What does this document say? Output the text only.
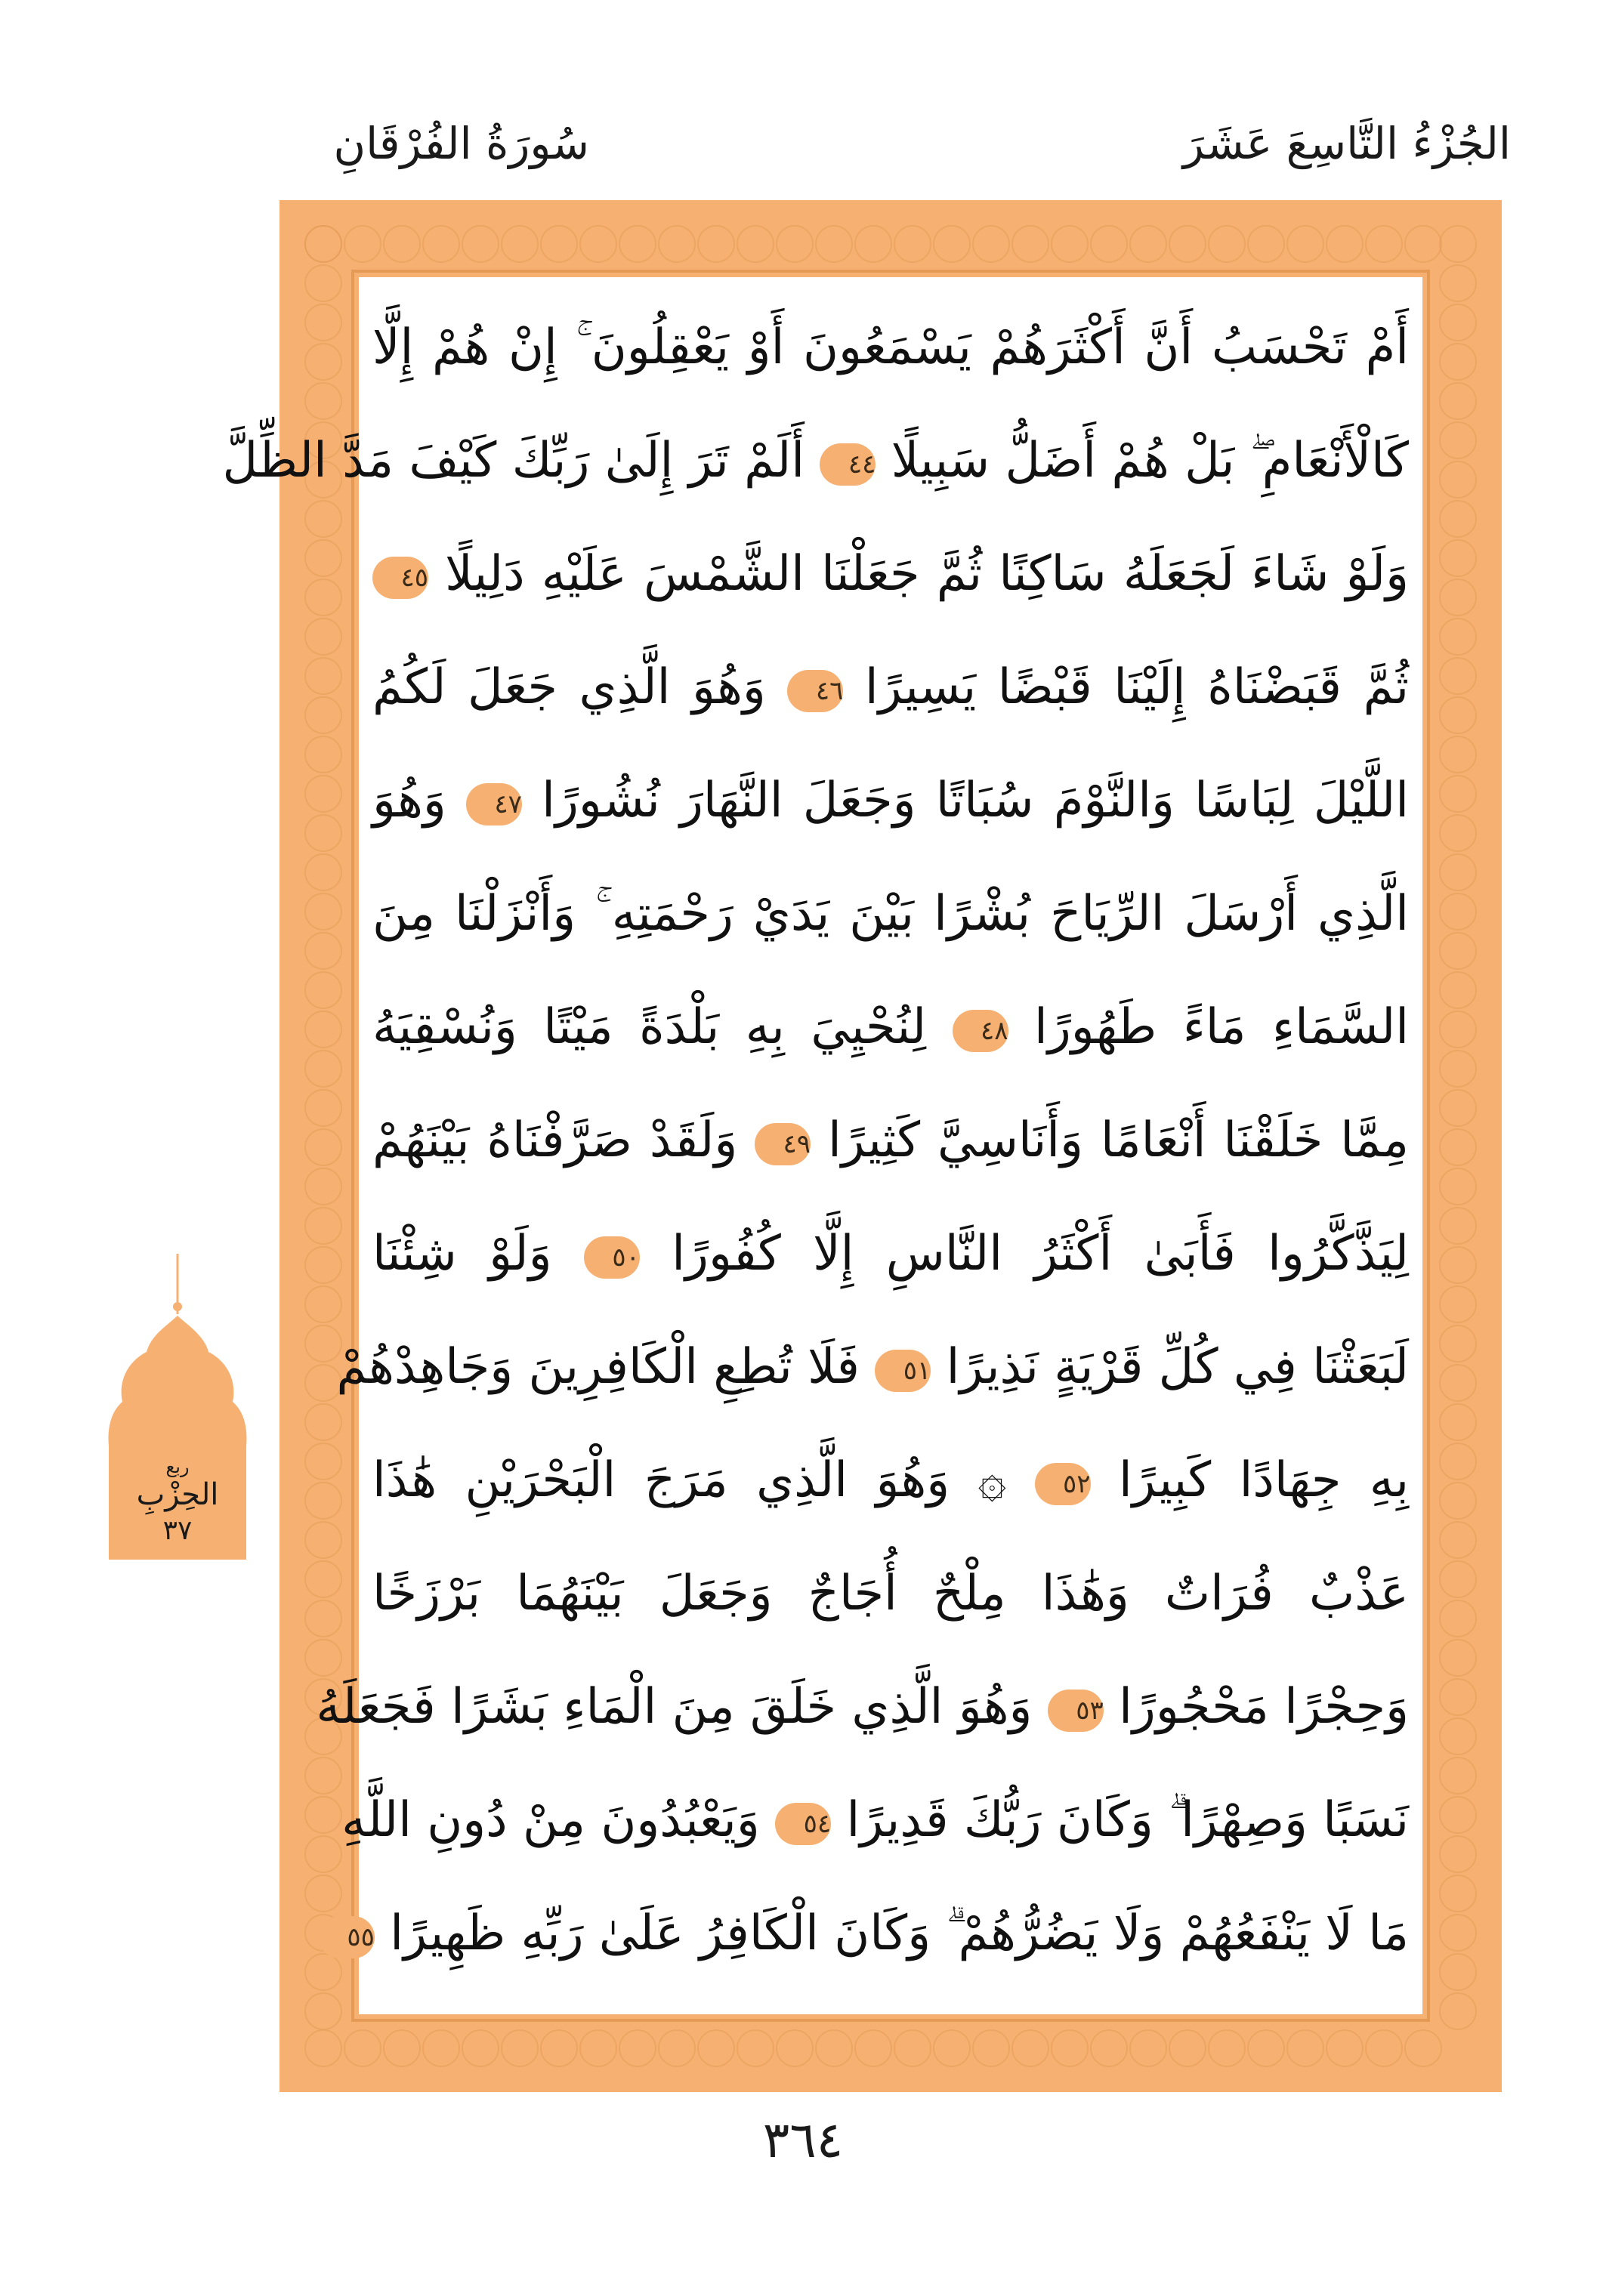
الجُزْءُ التَّاسِعَ عَشَرَ
سُورَةُ الفُرْقَانِ
أَمْ تَحْسَبُ أَنَّ أَكْثَرَهُمْ يَسْمَعُونَ أَوْ يَعْقِلُونَ ۚ إِنْ هُمْ إِلَّا
كَالْأَنْعَامِ ۖ بَلْ هُمْ أَضَلُّ سَبِيلًا ٤٤ أَلَمْ تَرَ إِلَىٰ رَبِّكَ كَيْفَ مَدَّ الظِّلَّ
وَلَوْ شَاءَ لَجَعَلَهُ سَاكِنًا ثُمَّ جَعَلْنَا الشَّمْسَ عَلَيْهِ دَلِيلًا ٤٥
ثُمَّ قَبَضْنَاهُ إِلَيْنَا قَبْضًا يَسِيرًا ٤٦ وَهُوَ الَّذِي جَعَلَ لَكُمُ
اللَّيْلَ لِبَاسًا وَالنَّوْمَ سُبَاتًا وَجَعَلَ النَّهَارَ نُشُورًا ٤٧ وَهُوَ
الَّذِي أَرْسَلَ الرِّيَاحَ بُشْرًا بَيْنَ يَدَيْ رَحْمَتِهِ ۚ وَأَنْزَلْنَا مِنَ
السَّمَاءِ مَاءً طَهُورًا ٤٨ لِنُحْيِيَ بِهِ بَلْدَةً مَيْتًا وَنُسْقِيَهُ
مِمَّا خَلَقْنَا أَنْعَامًا وَأَنَاسِيَّ كَثِيرًا ٤٩ وَلَقَدْ صَرَّفْنَاهُ بَيْنَهُمْ
لِيَذَّكَّرُوا فَأَبَىٰ أَكْثَرُ النَّاسِ إِلَّا كُفُورًا ٥٠ وَلَوْ شِئْنَا
لَبَعَثْنَا فِي كُلِّ قَرْيَةٍ نَذِيرًا ٥١ فَلَا تُطِعِ الْكَافِرِينَ وَجَاهِدْهُمْ
بِهِ جِهَادًا كَبِيرًا ٥٢ ۞ وَهُوَ الَّذِي مَرَجَ الْبَحْرَيْنِ هَٰذَا
عَذْبٌ فُرَاتٌ وَهَٰذَا مِلْحٌ أُجَاجٌ وَجَعَلَ بَيْنَهُمَا بَرْزَخًا
وَحِجْرًا مَحْجُورًا ٥٣ وَهُوَ الَّذِي خَلَقَ مِنَ الْمَاءِ بَشَرًا فَجَعَلَهُ
نَسَبًا وَصِهْرًا ۗ وَكَانَ رَبُّكَ قَدِيرًا ٥٤ وَيَعْبُدُونَ مِنْ دُونِ اللَّهِ
مَا لَا يَنْفَعُهُمْ وَلَا يَضُرُّهُمْ ۗ وَكَانَ الْكَافِرُ عَلَىٰ رَبِّهِ ظَهِيرًا ٥٥
ربع
الحِزْبِ
٣٧
٣٦٤
